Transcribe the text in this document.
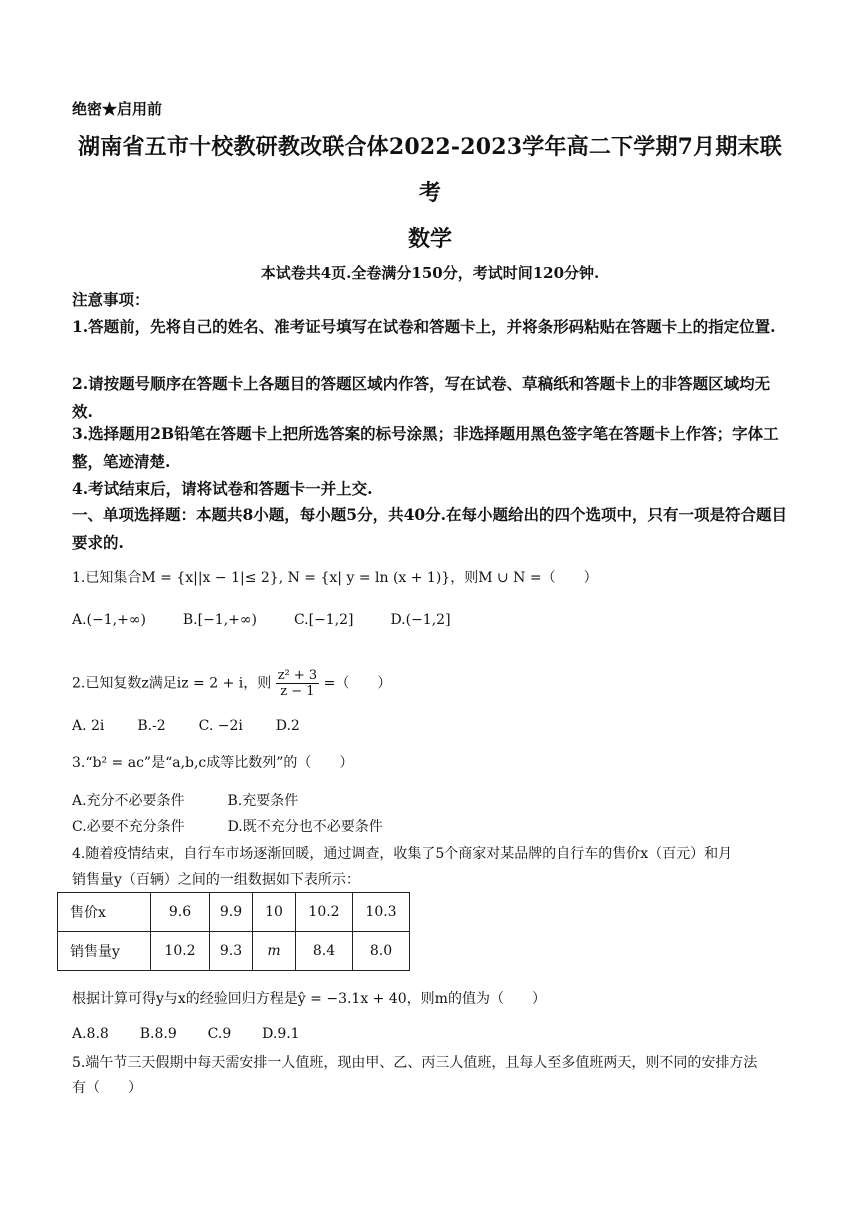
绝密★启用前
湖南省五市十校教研教改联合体2022-2023学年高二下学期7月期末联
考
数学
本试卷共4页.全卷满分150分，考试时间120分钟.
注意事项：
1.答题前，先将自己的姓名、准考证号填写在试卷和答题卡上，并将条形码粘贴在答题卡上的指定位置.
2.请按题号顺序在答题卡上各题目的答题区域内作答，写在试卷、草稿纸和答题卡上的非答题区域均无效.
3.选择题用2B铅笔在答题卡上把所选答案的标号涂黑；非选择题用黑色签字笔在答题卡上作答；字体工整，笔迹清楚.
4.考试结束后，请将试卷和答题卡一并上交.
一、单项选择题：本题共8小题，每小题5分，共40分.在每小题给出的四个选项中，只有一项是符合题目要求的.
1.已知集合M = {x||x − 1|≤ 2}, N = {x| y = ln (x + 1)}，则M ∪ N =（　　）
A.(−1,+∞)	B.[−1,+∞)	C.[−1,2]	D.(−1,2]
2.已知复数z满足iz = 2 + i，则 $\frac{\text{z² + 3}}{z - 1}$ =（　　）
A. 2i B.-2 C. −2i D.2
3.“b² = ac”是“a,b,c成等比数列”的（　　）
A.充分不必要条件	B.充要条件
C.必要不充分条件	D.既不充分也不必要条件
4.随着疫情结束，自行车市场逐渐回暖，通过调查，收集了5个商家对某品牌的自行车的售价x（百元）和月
销售量y（百辆）之间的一组数据如下表所示：
售价x	9.6	9.9	10	10.2	10.3
销售量y	10.2	9.3	m	8.4	8.0
根据计算可得y与x的经验回归方程是ŷ = −3.1x + 40，则m的值为（　　）
A.8.8 B.8.9 C.9 D.9.1
5.端午节三天假期中每天需安排一人值班，现由甲、乙、丙三人值班，且每人至多值班两天，则不同的安排方法
有（　　）
